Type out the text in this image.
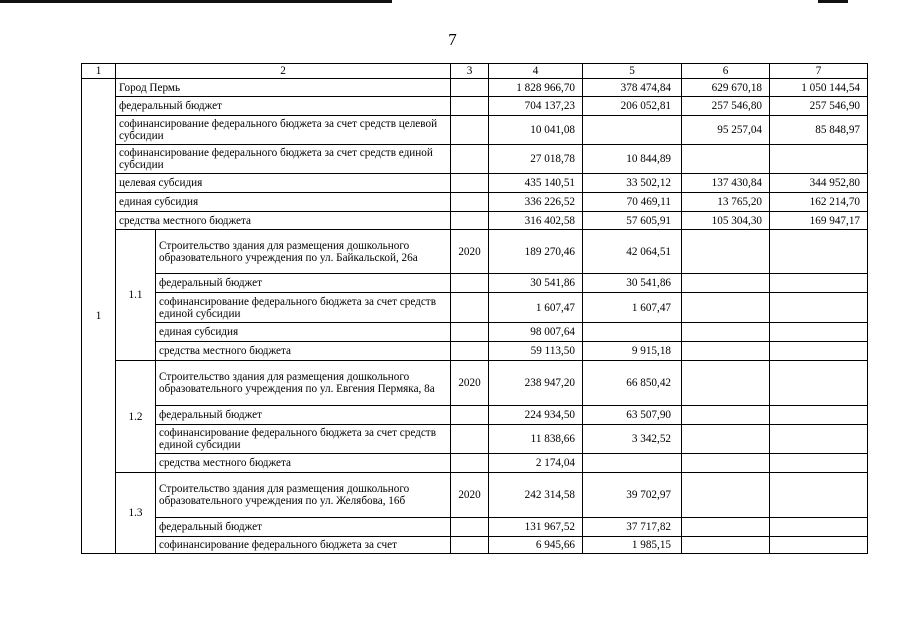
7
1	2		3	4	5	6	7
1	Город Пермь			1 828 966,70	378 474,84	629 670,18	1 050 144,54
	федеральный бюджет			704 137,23	206 052,81	257 546,80	257 546,90
	софинансирование федерального бюджета за счет средств целевой субсидии			10 041,08		95 257,04	85 848,97
	софинансирование федерального бюджета за счет средств единой субсидии			27 018,78	10 844,89		
	целевая субсидия			435 140,51	33 502,12	137 430,84	344 952,80
	единая субсидия			336 226,52	70 469,11	13 765,20	162 214,70
	средства местного бюджета			316 402,58	57 605,91	105 304,30	169 947,17
	1.1	Строительство здания для размещения дошкольного образовательного учреждения по ул. Байкальской, 26а	2020	189 270,46	42 064,51		
		федеральный бюджет		30 541,86	30 541,86		
		софинансирование федерального бюджета за счет средств единой субсидии		1 607,47	1 607,47		
		единая субсидия		98 007,64			
		средства местного бюджета		59 113,50	9 915,18		
	1.2	Строительство здания для размещения дошкольного образовательного учреждения по ул. Евгения Пермяка, 8а	2020	238 947,20	66 850,42		
		федеральный бюджет		224 934,50	63 507,90		
		софинансирование федерального бюджета за счет средств единой субсидии		11 838,66	3 342,52		
		средства местного бюджета		2 174,04			
	1.3	Строительство здания для размещения дошкольного образовательного учреждения по ул. Желябова, 16б	2020	242 314,58	39 702,97		
		федеральный бюджет		131 967,52	37 717,82		
		софинансирование федерального бюджета за счет		6 945,66	1 985,15		
